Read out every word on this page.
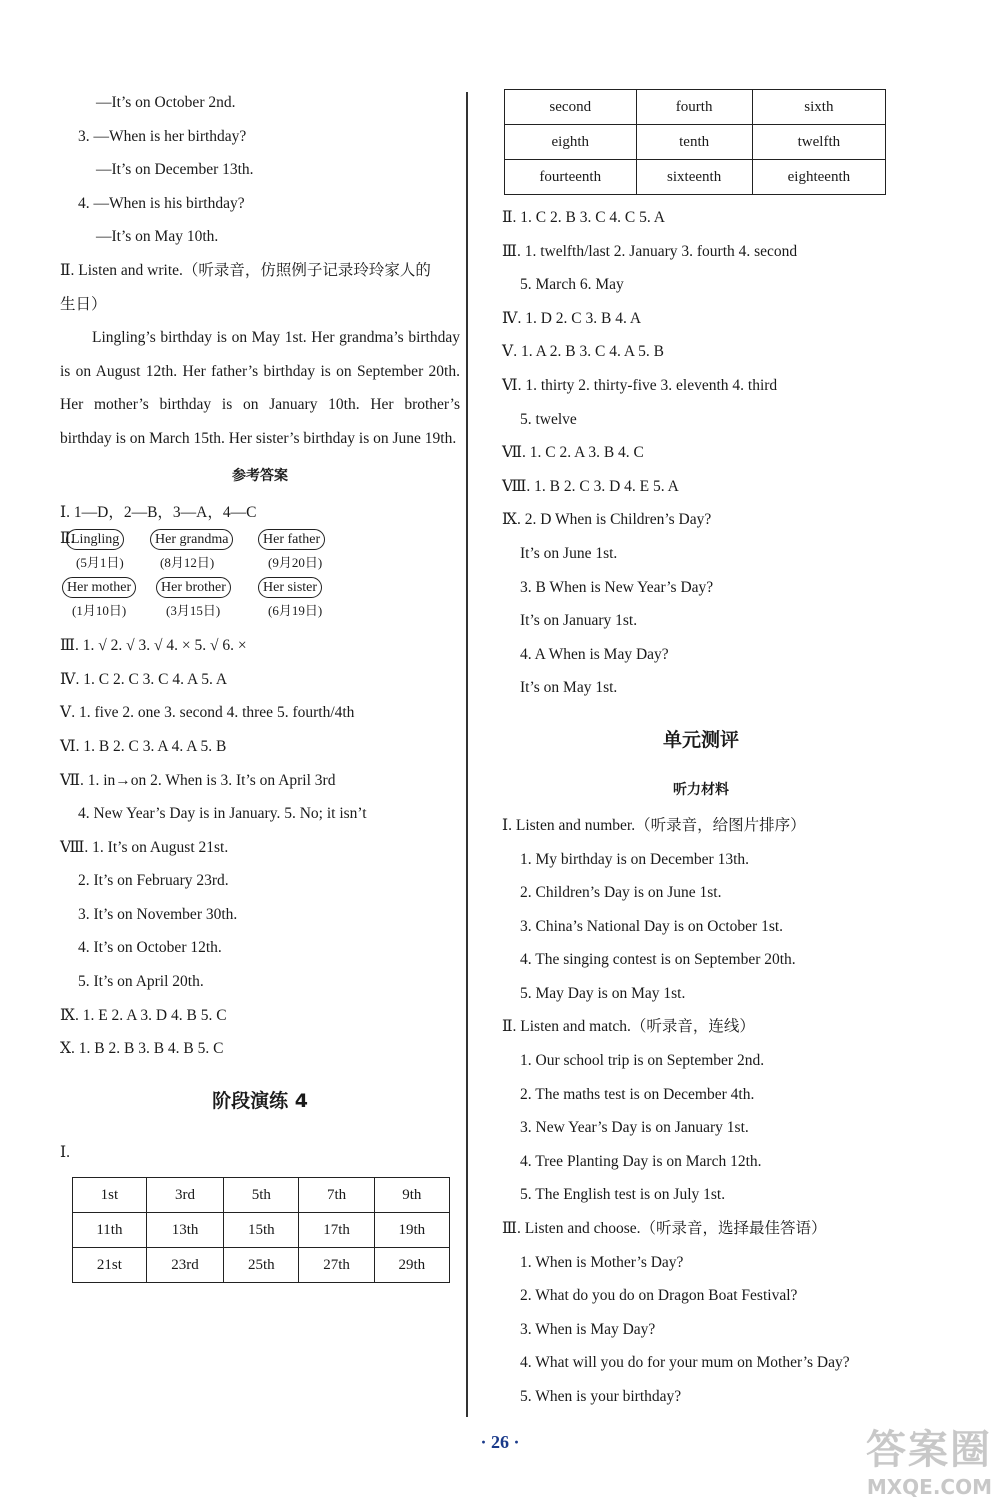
—It’s on October 2nd.
3. —When is her birthday?
—It’s on December 13th.
4. —When is his birthday?
—It’s on May 10th.
Ⅱ. Listen and write.（听录音，仿照例子记录玲玲家人的
生日）
Lingling’s birthday is on May 1st. Her grandma’s birthday is on August 12th. Her father’s birthday is on September 20th. Her mother’s birthday is on January 10th. Her brother’s birthday is on March 15th. Her sister’s birthday is on June 19th.
参考答案
Ⅰ. 1—D，2—B，3—A，4—C
Ⅱ.
Lingling
(5月1日)
Her grandma
(8月12日)
Her father
(9月20日)
Her mother
(1月10日)
Her brother
(3月15日)
Her sister
(6月19日)
Ⅲ. 1. √ 2. √ 3. √ 4. × 5. √ 6. ×
Ⅳ. 1. C 2. C 3. C 4. A 5. A
Ⅴ. 1. five 2. one 3. second 4. three 5. fourth/4th
Ⅵ. 1. B 2. C 3. A 4. A 5. B
Ⅶ. 1. in→on 2. When is 3. It’s on April 3rd
4. New Year’s Day is in January. 5. No; it isn’t
Ⅷ. 1. It’s on August 21st.
2. It’s on February 23rd.
3. It’s on November 30th.
4. It’s on October 12th.
5. It’s on April 20th.
Ⅸ. 1. E 2. A 3. D 4. B 5. C
Ⅹ. 1. B 2. B 3. B 4. B 5. C
阶段演练 4
Ⅰ.
1st	3rd	5th	7th	9th
11th	13th	15th	17th	19th
21st	23rd	25th	27th	29th
second	fourth	sixth
eighth	tenth	twelfth
fourteenth	sixteenth	eighteenth
Ⅱ. 1. C 2. B 3. C 4. C 5. A
Ⅲ. 1. twelfth/last 2. January 3. fourth 4. second
5. March 6. May
Ⅳ. 1. D 2. C 3. B 4. A
Ⅴ. 1. A 2. B 3. C 4. A 5. B
Ⅵ. 1. thirty 2. thirty-five 3. eleventh 4. third
5. twelve
Ⅶ. 1. C 2. A 3. B 4. C
Ⅷ. 1. B 2. C 3. D 4. E 5. A
Ⅸ. 2. D When is Children’s Day?
It’s on June 1st.
3. B When is New Year’s Day?
It’s on January 1st.
4. A When is May Day?
It’s on May 1st.
单元测评
听力材料
Ⅰ. Listen and number.（听录音，给图片排序）
1. My birthday is on December 13th.
2. Children’s Day is on June 1st.
3. China’s National Day is on October 1st.
4. The singing contest is on September 20th.
5. May Day is on May 1st.
Ⅱ. Listen and match.（听录音，连线）
1. Our school trip is on September 2nd.
2. The maths test is on December 4th.
3. New Year’s Day is on January 1st.
4. Tree Planting Day is on March 12th.
5. The English test is on July 1st.
Ⅲ. Listen and choose.（听录音，选择最佳答语）
1. When is Mother’s Day?
2. What do you do on Dragon Boat Festival?
3. When is May Day?
4. What will you do for your mum on Mother’s Day?
5. When is your birthday?
· 26 ·	答案圈
MXQE.COM
